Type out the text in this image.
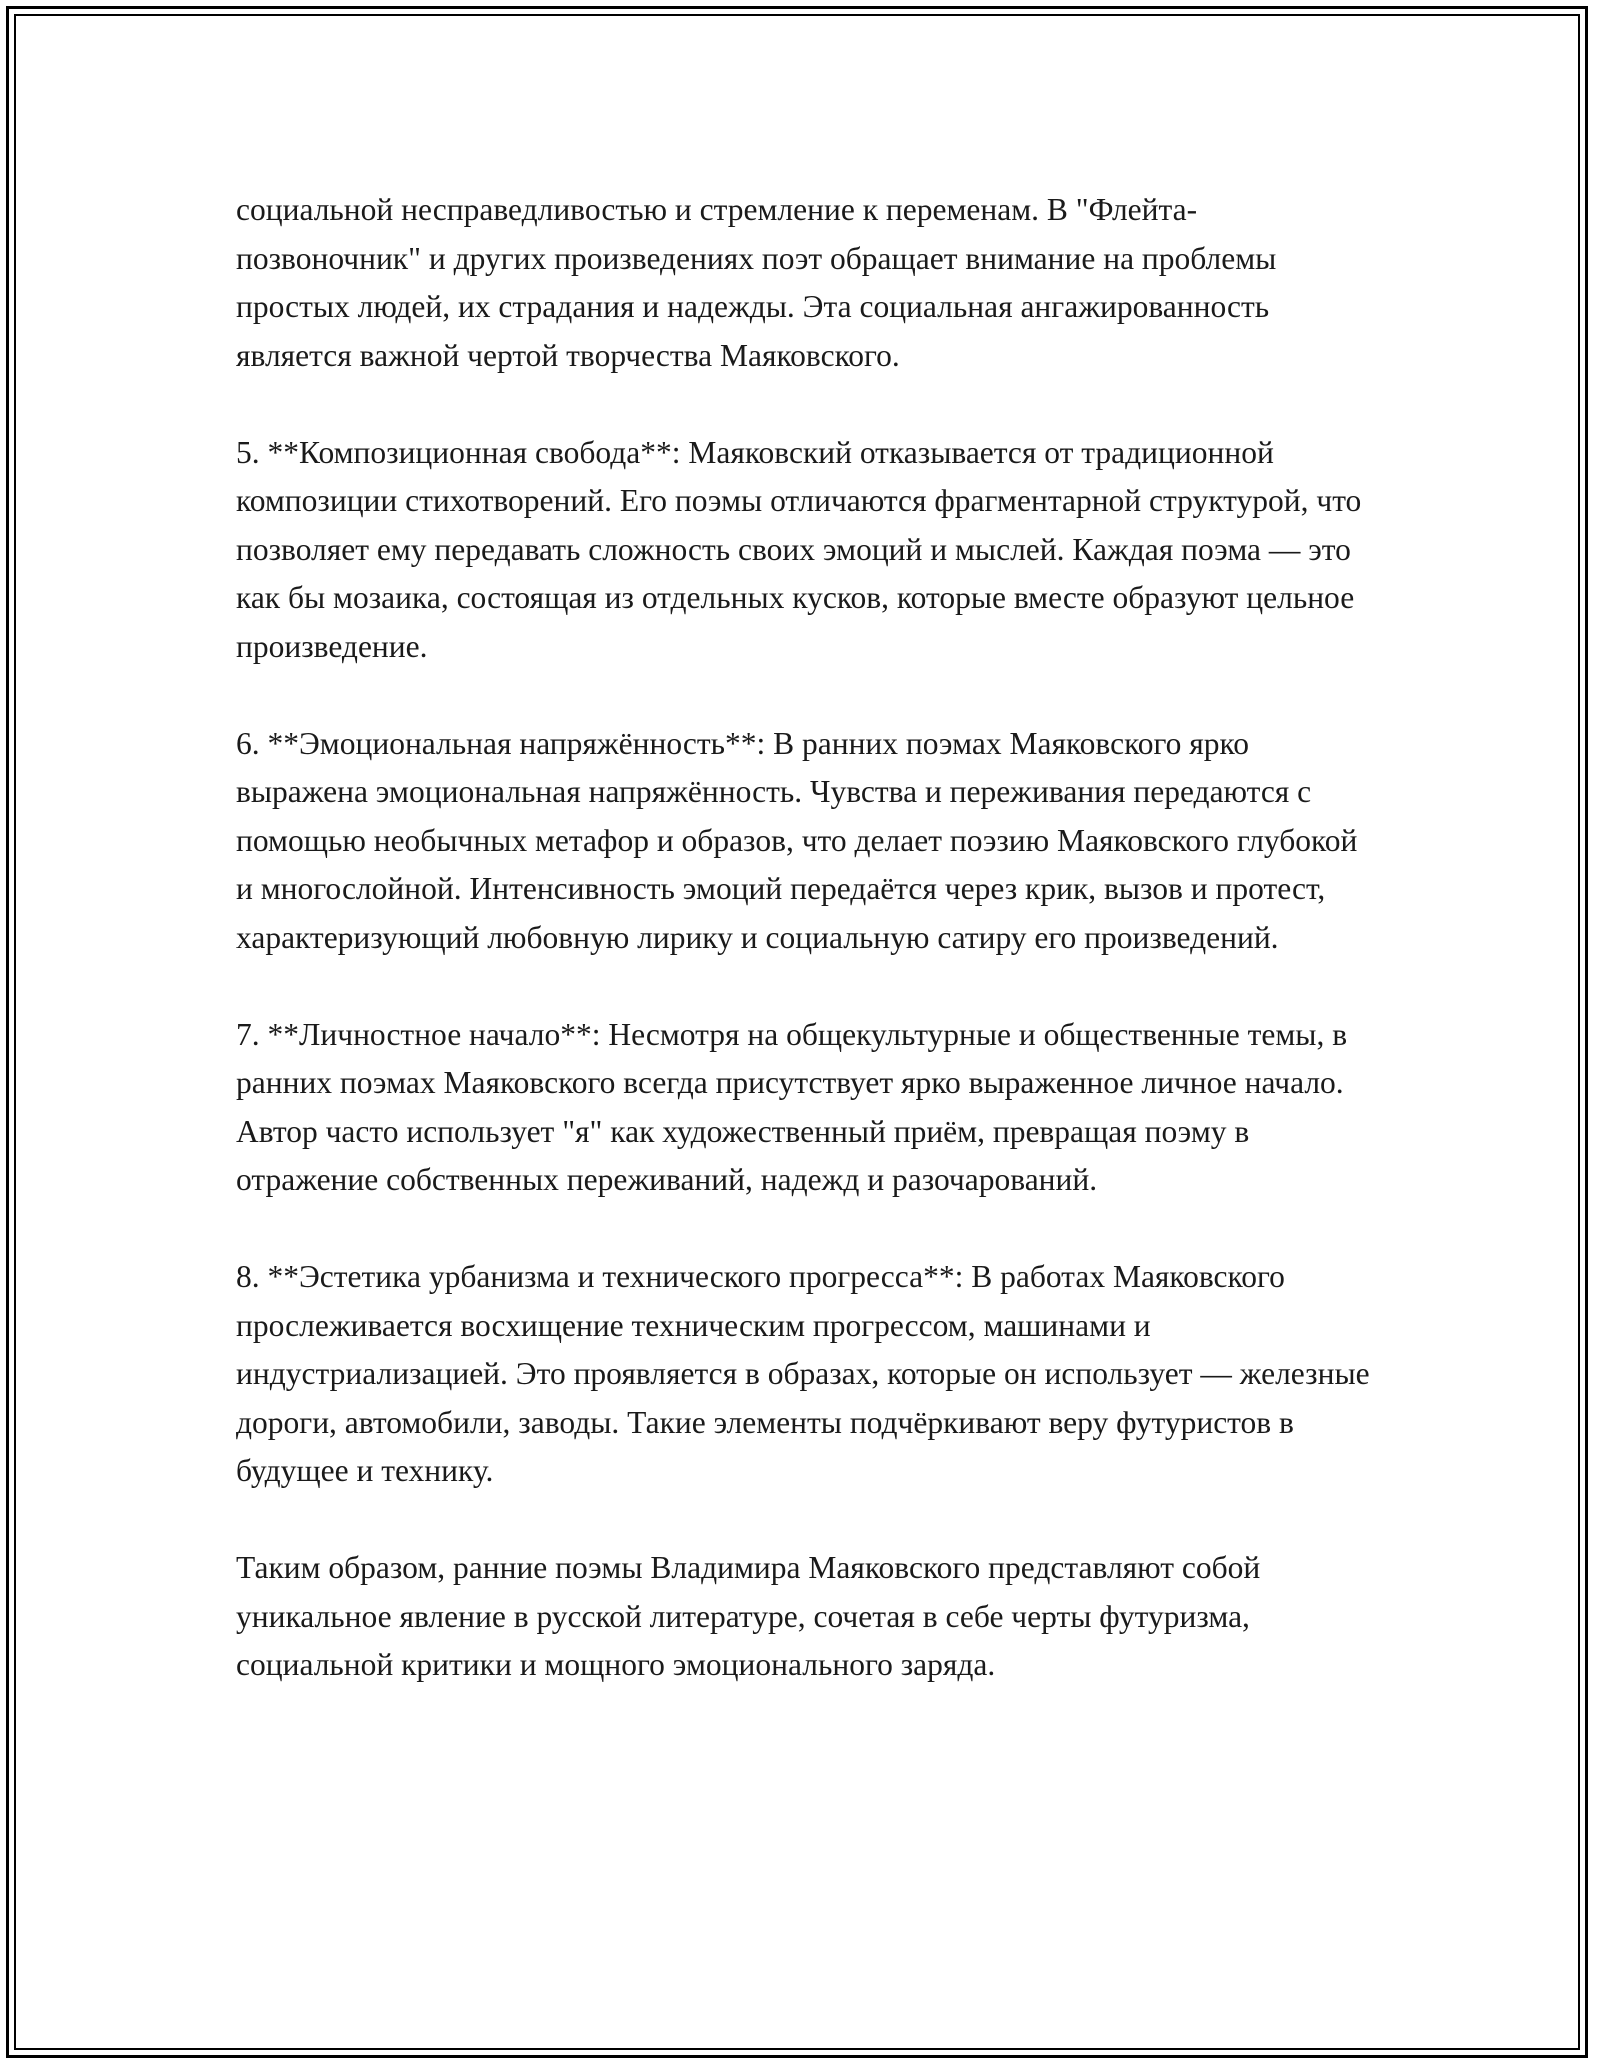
социальной несправедливостью и стремление к переменам. В "Флейта-позвоночник" и других произведениях поэт обращает внимание на проблемы простых людей, их страдания и надежды. Эта социальная ангажированность является важной чертой творчества Маяковского.

5. **Композиционная свобода**: Маяковский отказывается от традиционной композиции стихотворений. Его поэмы отличаются фрагментарной структурой, что позволяет ему передавать сложность своих эмоций и мыслей. Каждая поэма — это как бы мозаика, состоящая из отдельных кусков, которые вместе образуют цельное произведение.

6. **Эмоциональная напряжённость**: В ранних поэмах Маяковского ярко выражена эмоциональная напряжённость. Чувства и переживания передаются с помощью необычных метафор и образов, что делает поэзию Маяковского глубокой и многослойной. Интенсивность эмоций передаётся через крик, вызов и протест, характеризующий любовную лирику и социальную сатиру его произведений.

7. **Личностное начало**: Несмотря на общекультурные и общественные темы, в ранних поэмах Маяковского всегда присутствует ярко выраженное личное начало. Автор часто использует "я" как художественный приём, превращая поэму в отражение собственных переживаний, надежд и разочарований.

8. **Эстетика урбанизма и технического прогресса**: В работах Маяковского прослеживается восхищение техническим прогрессом, машинами и индустриализацией. Это проявляется в образах, которые он использует — железные дороги, автомобили, заводы. Такие элементы подчёркивают веру футуристов в будущее и технику.

Таким образом, ранние поэмы Владимира Маяковского представляют собой уникальное явление в русской литературе, сочетая в себе черты футуризма, социальной критики и мощного эмоционального заряда.
